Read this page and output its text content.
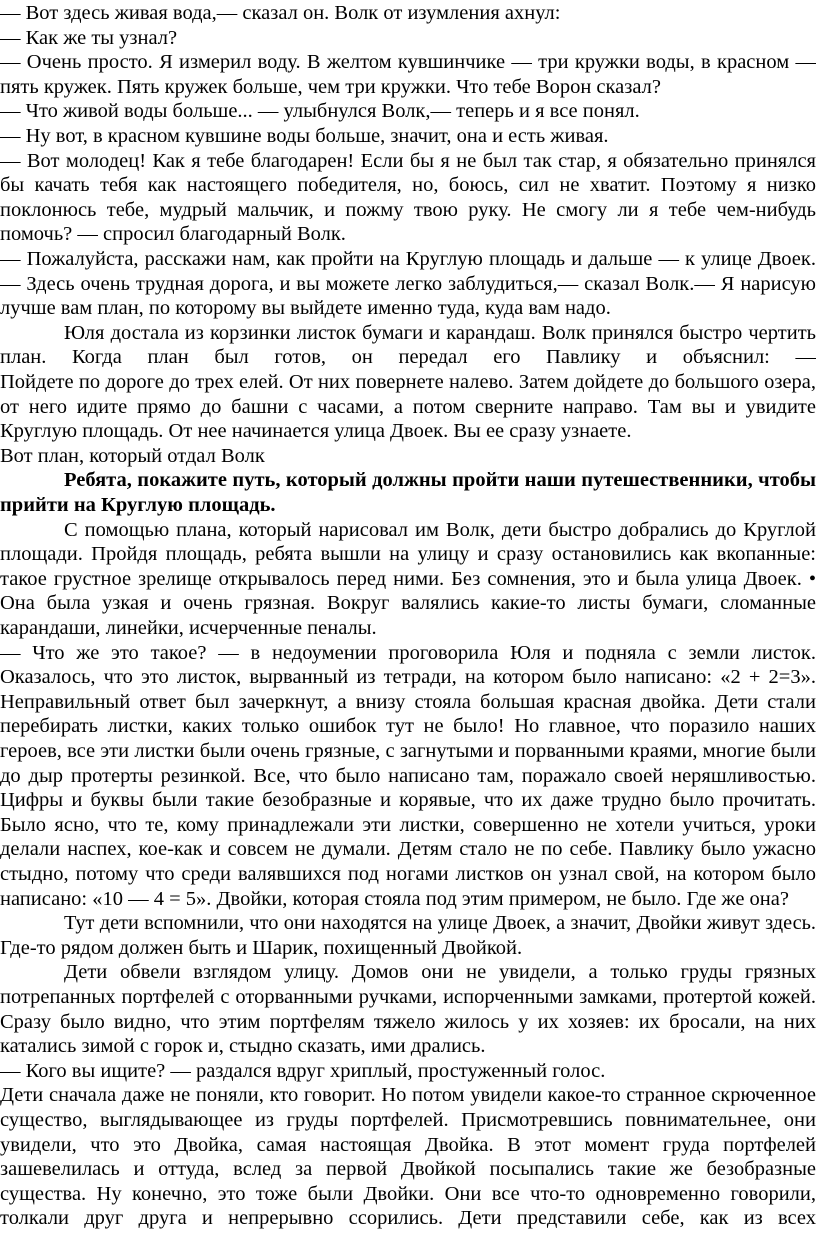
— Вот здесь живая вода,— сказал он. Волк от изумления ахнул:
— Как же ты узнал?
— Очень просто. Я измерил воду. В желтом кувшинчике — три кружки воды, в красном —
пять кружек. Пять кружек больше, чем три кружки. Что тебе Ворон сказал?
— Что живой воды больше... — улыбнулся Волк,— теперь и я все понял.
— Ну вот, в красном кувшине воды больше, значит, она и есть живая.
— Вот молодец! Как я тебе благодарен! Если бы я не был так стар, я обязательно принялся
бы качать тебя как настоящего победителя, но, боюсь, сил не хватит. Поэтому я низко
поклонюсь тебе, мудрый мальчик, и пожму твою руку. Не смогу ли я тебе чем-нибудь
помочь? — спросил благодарный Волк.
— Пожалуйста, расскажи нам, как пройти на Круглую площадь и дальше — к улице Двоек.
— Здесь очень трудная дорога, и вы можете легко заблудиться,— сказал Волк.— Я нарисую
лучше вам план, по которому вы выйдете именно туда, куда вам надо.
Юля достала из корзинки листок бумаги и карандаш. Волк принялся быстро чертить
план. Когда план был готов, он передал его Павлику и объяснил: —
Пойдете по дороге до трех елей. От них повернете налево. Затем дойдете до большого озера,
от него идите прямо до башни с часами, а потом сверните направо. Там вы и увидите
Круглую площадь. От нее начинается улица Двоек. Вы ее сразу узнаете.
Вот план, который отдал Волк
Ребята, покажите путь, который должны пройти наши путешественники, чтобы
прийти на Круглую площадь.
С помощью плана, который нарисовал им Волк, дети быстро добрались до Круглой
площади. Пройдя площадь, ребята вышли на улицу и сразу остановились как вкопанные:
такое грустное зрелище открывалось перед ними. Без сомнения, это и была улица Двоек. •
Она была узкая и очень грязная. Вокруг валялись какие-то листы бумаги, сломанные
карандаши, линейки, исчерченные пеналы.
— Что же это такое? — в недоумении проговорила Юля и подняла с земли листок.
Оказалось, что это листок, вырванный из тетради, на котором было написано: «2 + 2=3».
Неправильный ответ был зачеркнут, а внизу стояла большая красная двойка. Дети стали
перебирать листки, каких только ошибок тут не было! Но главное, что поразило наших
героев, все эти листки были очень грязные, с загнутыми и порванными краями, многие были
до дыр протерты резинкой. Все, что было написано там, поражало своей неряшливостью.
Цифры и буквы были такие безобразные и корявые, что их даже трудно было прочитать.
Было ясно, что те, кому принадлежали эти листки, совершенно не хотели учиться, уроки
делали наспех, кое-как и совсем не думали. Детям стало не по себе. Павлику было ужасно
стыдно, потому что среди валявшихся под ногами листков он узнал свой, на котором было
написано: «10 — 4 = 5». Двойки, которая стояла под этим примером, не было. Где же она?
Тут дети вспомнили, что они находятся на улице Двоек, а значит, Двойки живут здесь.
Где-то рядом должен быть и Шарик, похищенный Двойкой.
Дети обвели взглядом улицу. Домов они не увидели, а только груды грязных
потрепанных портфелей с оторванными ручками, испорченными замками, протертой кожей.
Сразу было видно, что этим портфелям тяжело жилось у их хозяев: их бросали, на них
катались зимой с горок и, стыдно сказать, ими дрались.
— Кого вы ищите? — раздался вдруг хриплый, простуженный голос.
Дети сначала даже не поняли, кто говорит. Но потом увидели какое-то странное скрюченное
существо, выглядывающее из груды портфелей. Присмотревшись повнимательнее, они
увидели, что это Двойка, самая настоящая Двойка. В этот момент груда портфелей
зашевелилась и оттуда, вслед за первой Двойкой посыпались такие же безобразные
существа. Ну конечно, это тоже были Двойки. Они все что-то одновременно говорили,
толкали друг друга и непрерывно ссорились. Дети представили себе, как из всех
